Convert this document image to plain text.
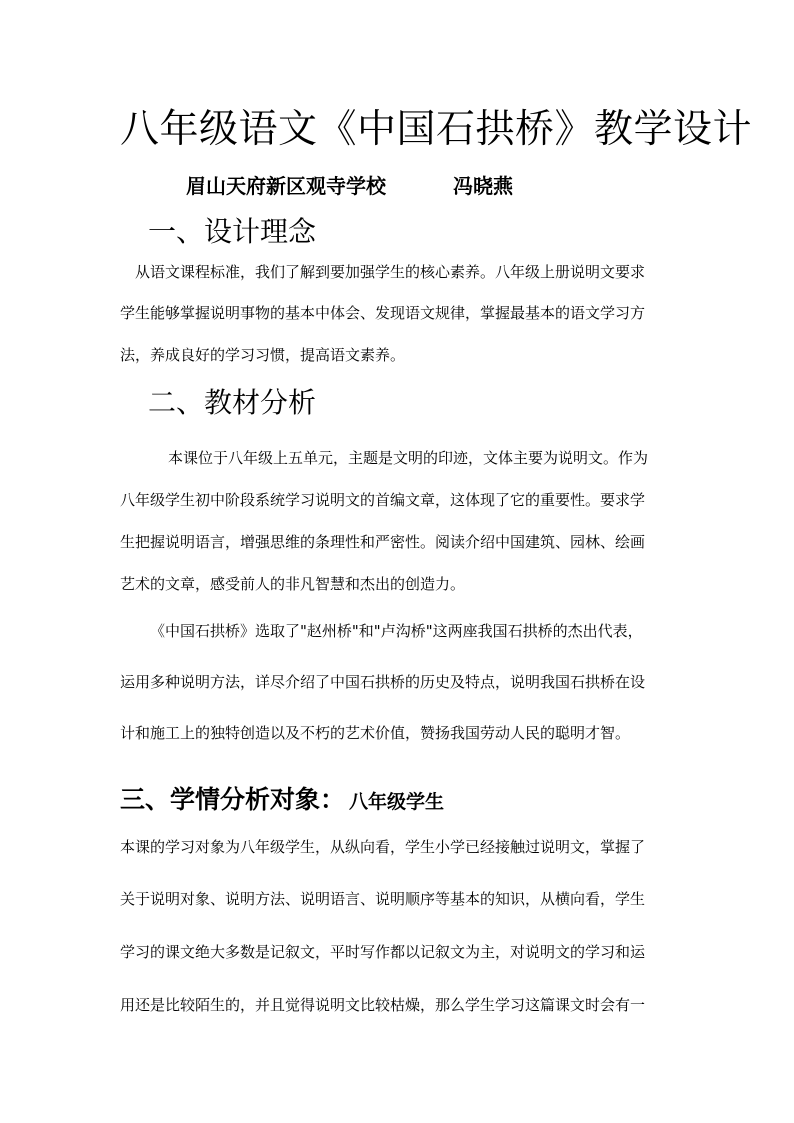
八年级语文《中国石拱桥》教学设计
眉山天府新区观寺学校	冯晓燕
一、设计理念

从语文课程标准，我们了解到要加强学生的核心素养。八年级上册说明文要求

学生能够掌握说明事物的基本中体会、发现语文规律，掌握最基本的语文学习方

法，养成良好的学习习惯，提高语文素养。

二、教材分析

本课位于八年级上五单元，主题是文明的印迹，文体主要为说明文。作为

八年级学生初中阶段系统学习说明文的首编文章，这体现了它的重要性。要求学

生把握说明语言，增强思维的条理性和严密性。阅读介绍中国建筑、园林、绘画

艺术的文章，感受前人的非凡智慧和杰出的创造力。

《中国石拱桥》选取了"赵州桥"和"卢沟桥"这两座我国石拱桥的杰出代表，

运用多种说明方法，详尽介绍了中国石拱桥的历史及特点，说明我国石拱桥在设

计和施工上的独特创造以及不朽的艺术价值，赞扬我国劳动人民的聪明才智。

三、学情分析对象： 八年级学生

本课的学习对象为八年级学生，从纵向看，学生小学已经接触过说明文，掌握了

关于说明对象、说明方法、说明语言、说明顺序等基本的知识，从横向看，学生

学习的课文绝大多数是记叙文，平时写作都以记叙文为主，对说明文的学习和运

用还是比较陌生的，并且觉得说明文比较枯燥，那么学生学习这篇课文时会有一
